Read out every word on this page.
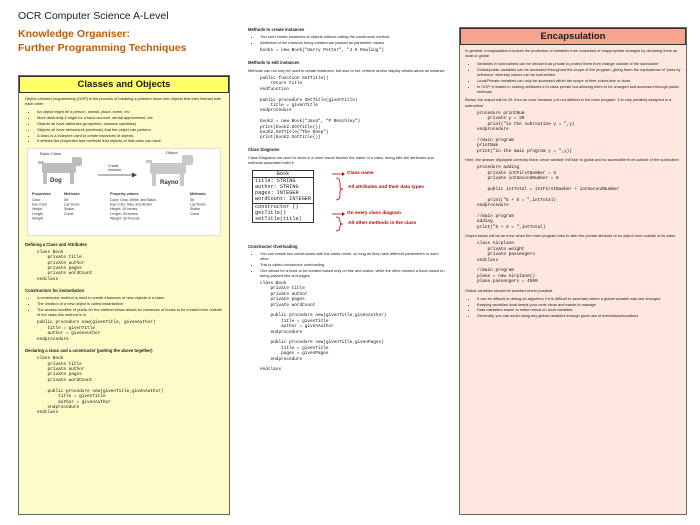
OCR Computer Science A-Level
Knowledge Organiser:
Further Programming Techniques
Classes and Objects

Object-oriented programming (OOP) is the process of breaking a problem down into objects that then interact with each other

• An object might be a person, animal, place, event, etc
• More abstractly it might be a bank account, dental appointment, etc
• Objects all have attributes (properties, instance variables)
• Objects all have behaviours (methods) that the object can perform
• A class is a blueprint used to create instances of objects.
• It defines the properties and methods that objects of that class can have
Basic Class	Object
Dog	Rayno
Properties	Methods	Property values	Methods
Color
Eye Color
Height
Length
Weight
Sit
Lay Down
Shake
Come
Color: Gray, White, and Black
Eye Color: Blue and Brown
Height: 18 Inches
Length: 36 Inches
Weight: 30 Pounds
Sit
Lay Down
Shake
Come
Create
Instance
Defining a Class and Attributes
class Book
private title
private author
private pages
private wordCount
endclass
Constructors for instantiation
• A constructor method is used to create instances of new objects in a class
• The creation of a new object is called instantiation
• The access modifier of public for the method below allows for instances of books to be created from outside of the class this method is in
public procedure new(givenTitle, givenAuthor)
title = givenTitle
author = givenAuthor
endprocedure
Declaring a class and a constructor (putting the above together)
class Book
private title
private author
private pages
private wordCount

public procedure new(givenTitle,givenAuthor)
title = givenTitle
author = givenAuthor
endprocedure
endclass
Methods to create instances
• You can't create instances of objects without calling the constructor method
• Attributes of the instance being created are passed as parameter values
book1 = new Book("Harry Potter", "J K Rowling")
Methods to edit instances

Methods can not only be used to create instances, but also to set, retrieve and/or display details about an instance

public function GetTitle()
return title
endfunction

public procedure SetTitle(givenTitle)
title = givenTitle
endprocedure

book2 = new Book("Java", "P Benchley")
print(book2.GetTitle())
book2.SetTitle("The Deep")
print(book2.GetTitle())
Class Diagrams

Class Diagrams are used to show in a more visual fashion the name of a class, along with the attributes and methods associated with it

Book

title: STRING
author: STRING
pages: INTEGER
wordCount: INTEGER

constructor ()
getTitle()
setTitle(title)
Class name
All attributes and their data types
On every class diagram
All other methods in the class
Constructor Overloading
• You can create two constructors with the same name, so long as they have different parameters to each other
• This is called constructor overloading
• One allows for a book to be created based only on title and author, while the other creates a book based on being passed title and pages.
class Book
private title
private author
private pages
private wordCount

public procedure new(givenTitle,givenAuthor)
title = givenTitle
author = givenAuthor
endprocedure

public procedure new(givenTitle,givenPages)
title = givenTitle
pages = givenPages
endprocedure

endclass
Encapsulation

In general, encapsulation involves the protection of variables from unwanted or inappropriate changes by declaring them as local or global

• Variables in subroutines can be declared as private to protect them from change outside of the subroutine
• Global/public variables can be accessed throughout the scope of the program, giving them the equivalence of 'pass by reference' whereby values can be overwritten
• Local/Private variables can only be accessed within the scope of their subroutine or class
• In OOP, it relates to making attributes in a class private but allowing them to be changed and accessed through public methods

Below, the output will be 20, then an error because y is not defined in the main program. It is only privately assigned in a subroutine

procedure printNum
private y = 20
print("in the subroutine y = ",y)
endprocedure

//main program
printNum
print("in the main program y = ",y))

Here, the answer displayed correctly twice, since variable 'intTotal' is global and so accessible from outside of the subroutine

procedure adding
private intFirstNumber = 5
private intSecondNumber = 8

public intTotal = intFirstNumber + intSecondNumber

print("5 + 8 = ",intTotal)
endprocedure

//main program
adding
print("5 + 8 = ",intTotal)

Output below will be an error when the main program tries to alter the private attribute of an object from outside of its class

class Airplane
private weight
private passengers
endclass

//main program
plane = new Airplane()
plane.passengers = 4500

Global variables should be avoided where possible

• It can be difficult to debug an algorithm if it is difficult to ascertain where a global variable was last changed
• Keeping variables local keeps your code clean and easier to manage
• Data validation easier to make robust on local variables
• Generally, you can avoid using any global variables through good use of methods/subroutines
